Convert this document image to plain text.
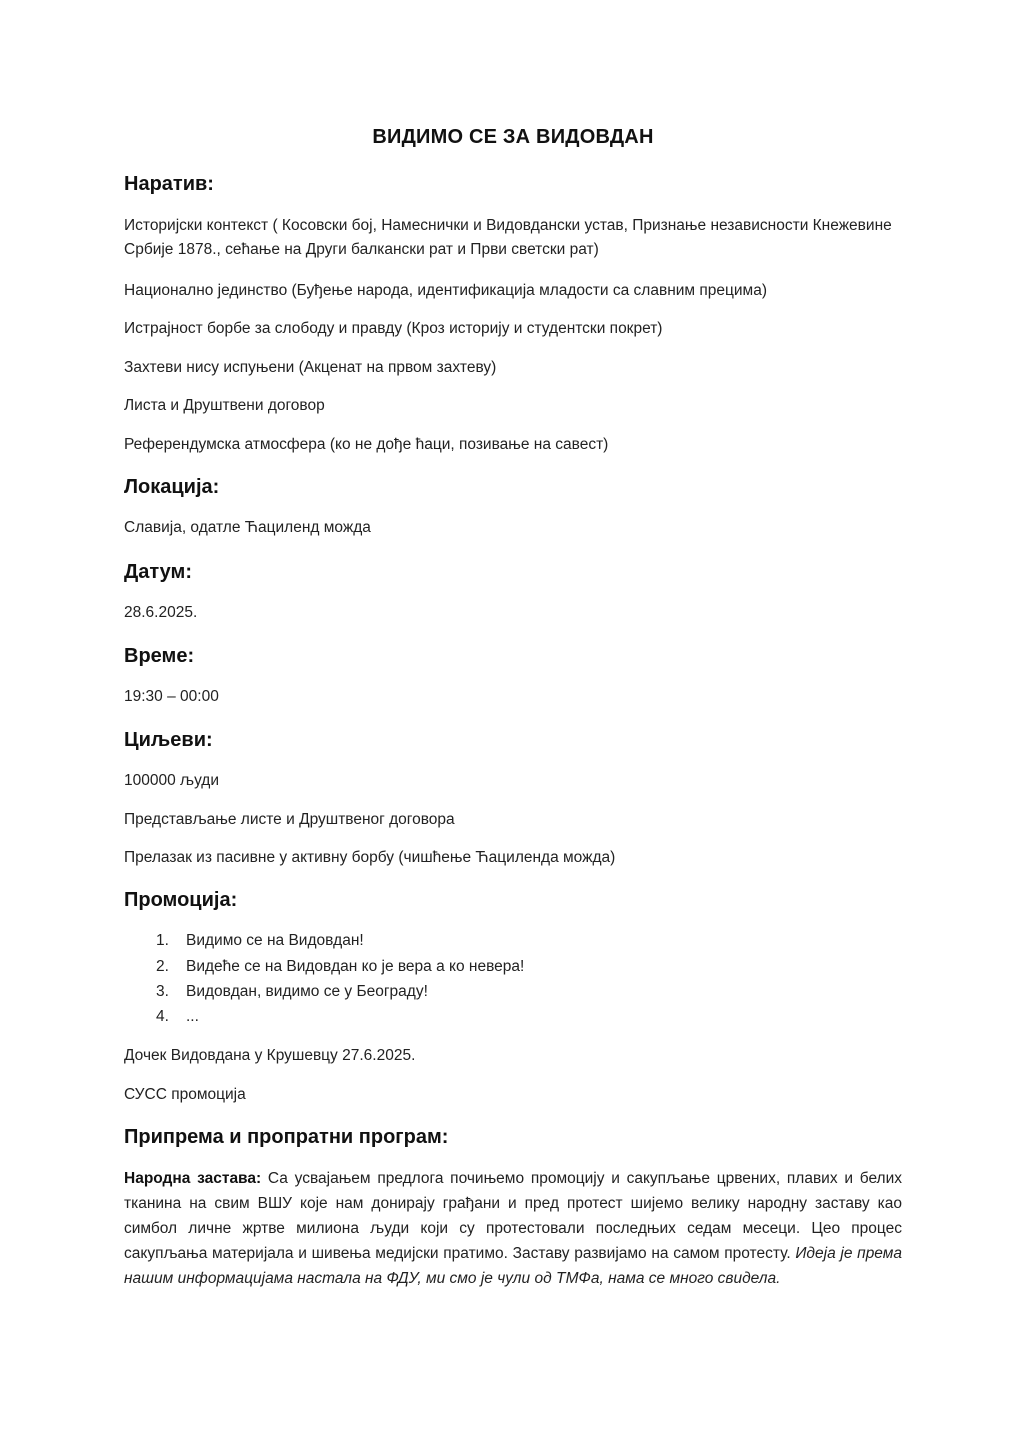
ВИДИМО СЕ ЗА ВИДОВДАН
Наратив:
Историјски контекст ( Косовски бој, Намеснички и Видовдански устав, Признање независности Кнежевине Србије 1878., сећање на Други балкански рат и Први светски рат)
Национално јединство (Буђење народа, идентификација младости са славним прецима)
Истрајност борбе за слободу и правду (Кроз историју и студентски покрет)
Захтеви нису испуњени (Акценат на првом захтеву)
Листа и Друштвени договор
Референдумска атмосфера (ко не дође ћаци, позивање на савест)
Локација:
Славија, одатле Ћациленд можда
Датум:
28.6.2025.
Време:
19:30 – 00:00
Циљеви:
100000 људи
Представљање листе и Друштвеног договора
Прелазак из пасивне у активну борбу (чишћење Ћациленда можда)
Промоција:
1. Видимо се на Видовдан!
2. Видеће се на Видовдан ко је вера а ко невера!
3. Видовдан, видимо се у Београду!
4. ...
Дочек Видовдана у Крушевцу 27.6.2025.
СУСС промоција
Припрема и пропратни програм:
Народна застава: Са усвајањем предлога почињемо промоцију и сакупљање црвених, плавих и белих тканина на свим ВШУ које нам донирају грађани и пред протест шијемо велику народну заставу као симбол личне жртве милиона људи који су протестовали последњих седам месеци. Цео процес сакупљања материјала и шивења медијски пратимо. Заставу развијамо на самом протесту. Идеја је према нашим информацијама настала на ФДУ, ми смо је чули од ТМФа, нама се много свидела.
